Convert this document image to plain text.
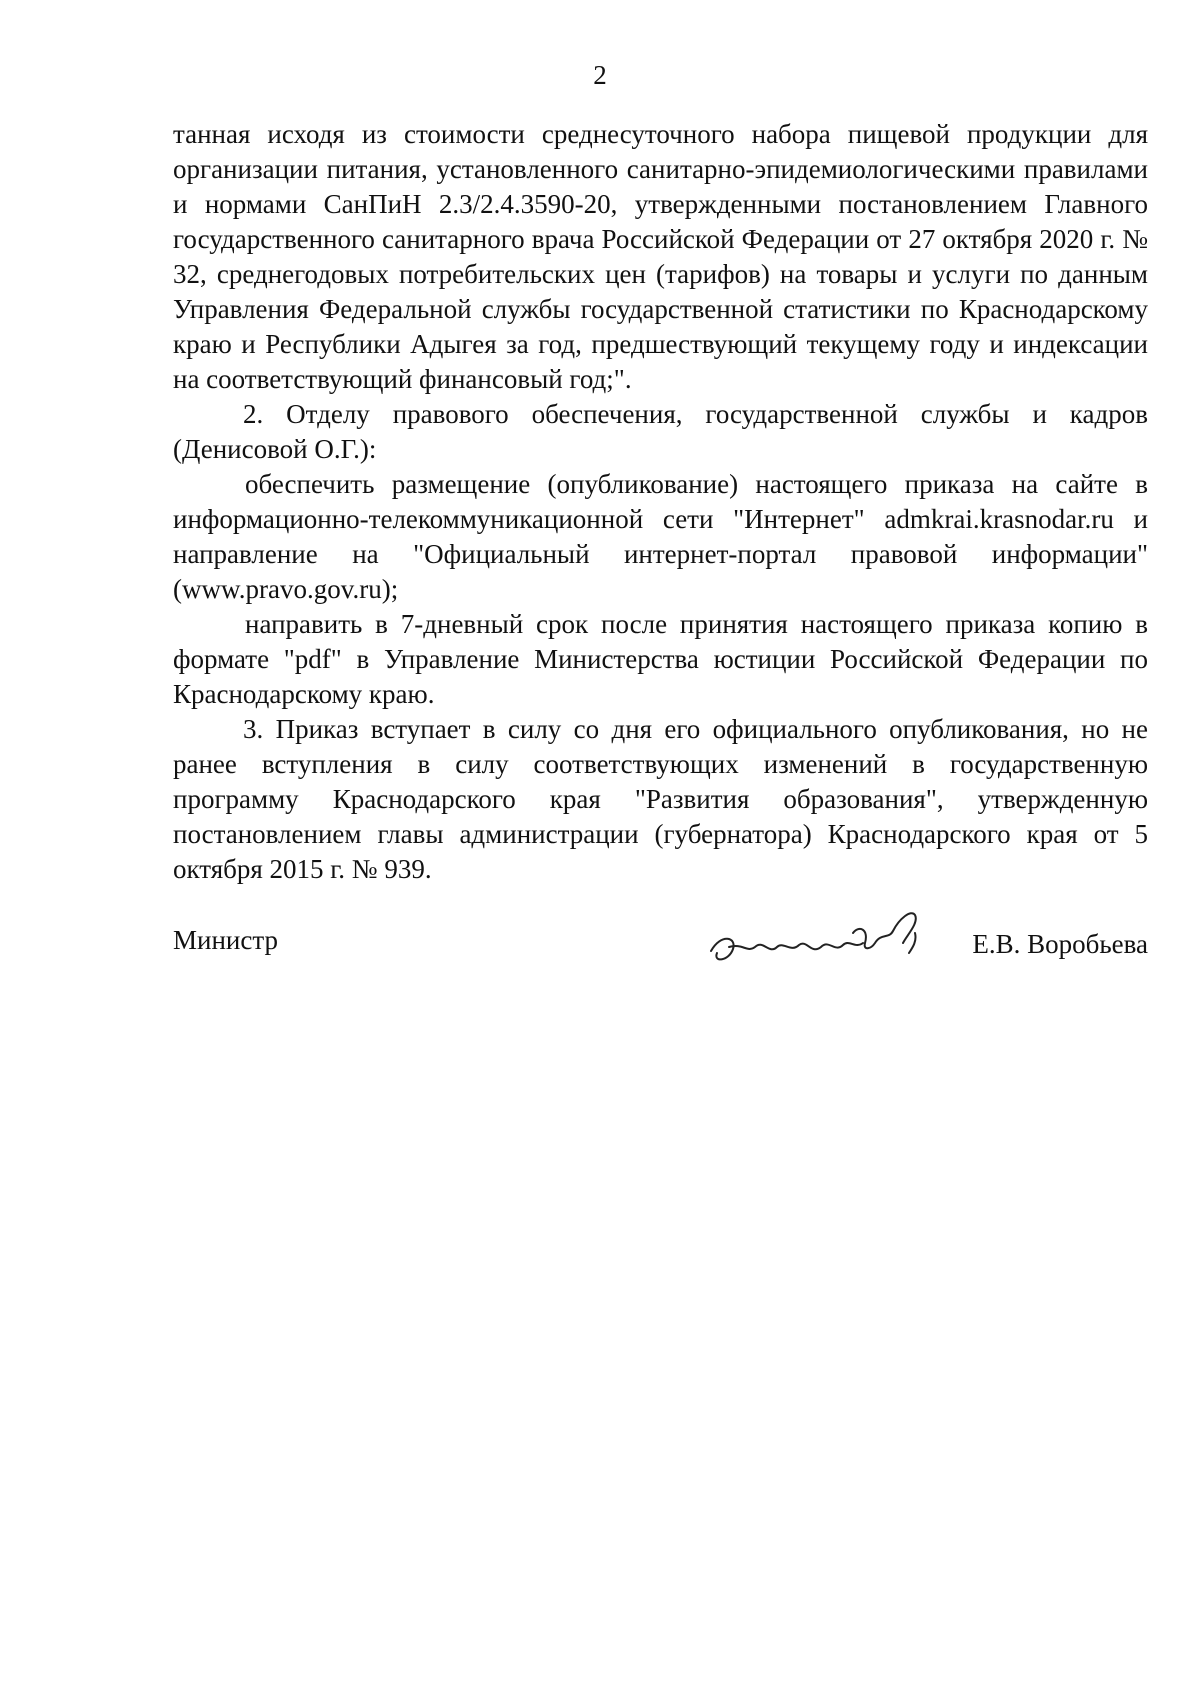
2

танная исходя из стоимости среднесуточного набора пищевой продукции для организации питания, установленного санитарно-эпидемиологическими правилами и нормами СанПиН 2.3/2.4.3590-20, утвержденными постановлением Главного государственного санитарного врача Российской Федерации от 27 октября 2020 г. № 32, среднегодовых потребительских цен (тарифов) на товары и услуги по данным Управления Федеральной службы государственной статистики по Краснодарскому краю и Республики Адыгея за год, предшествующий текущему году и индексации на соответствующий финансовый год;".

2. Отделу правового обеспечения, государственной службы и кадров (Денисовой О.Г.):

обеспечить размещение (опубликование) настоящего приказа на сайте в информационно-телекоммуникационной сети "Интернет" admkrai.krasnodar.ru и направление на "Официальный интернет-портал правовой информации" (www.pravo.gov.ru);

направить в 7-дневный срок после принятия настоящего приказа копию в формате "pdf" в Управление Министерства юстиции Российской Федерации по Краснодарскому краю.

3. Приказ вступает в силу со дня его официального опубликования, но не ранее вступления в силу соответствующих изменений в государственную программу Краснодарского края "Развития образования", утвержденную постановлением главы администрации (губернатора) Краснодарского края от 5 октября 2015 г. № 939.

Министр	Е.В. Воробьева
